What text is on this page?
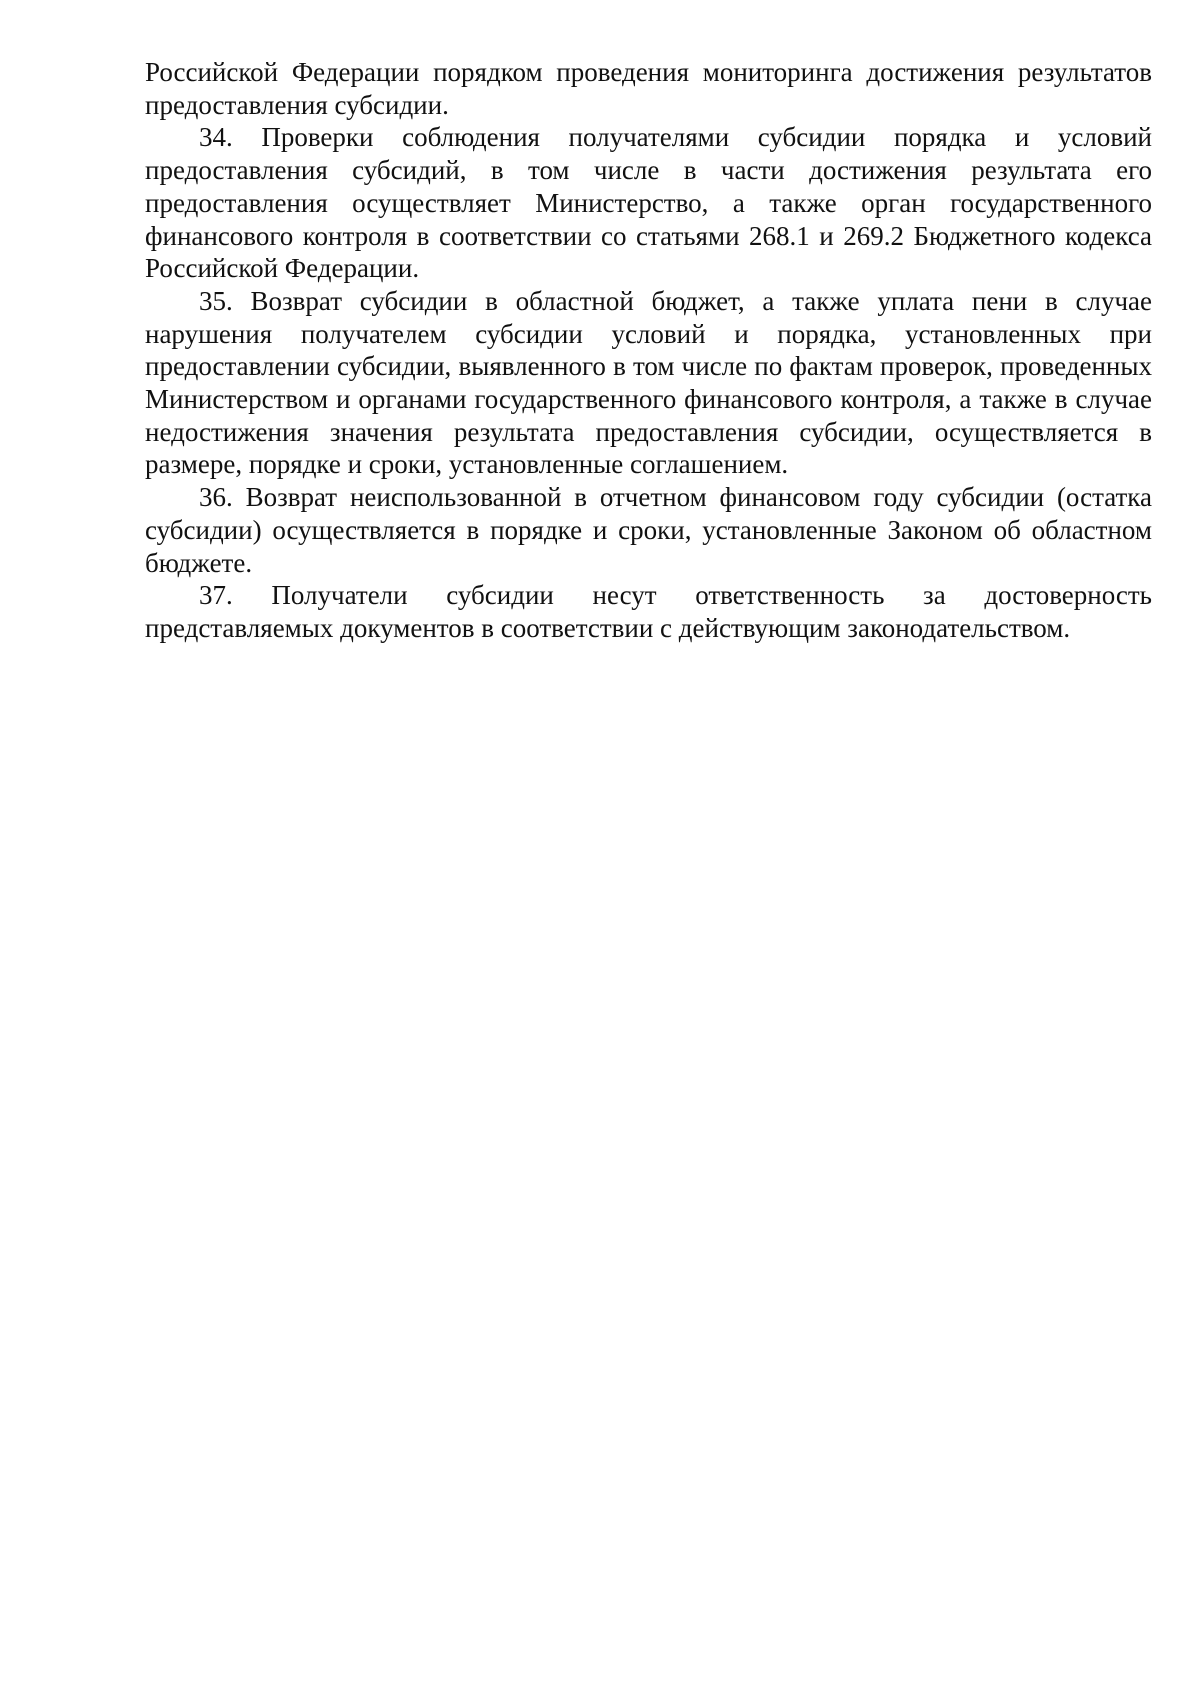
Российской Федерации порядком проведения мониторинга достижения результатов предоставления субсидии.

34. Проверки соблюдения получателями субсидии порядка и условий предоставления субсидий, в том числе в части достижения результата его предоставления осуществляет Министерство, а также орган государственного финансового контроля в соответствии со статьями 268.1 и 269.2 Бюджетного кодекса Российской Федерации.

35. Возврат субсидии в областной бюджет, а также уплата пени в случае нарушения получателем субсидии условий и порядка, установленных при предоставлении субсидии, выявленного в том числе по фактам проверок, проведенных Министерством и органами государственного финансового контроля, а также в случае недостижения значения результата предоставления субсидии, осуществляется в размере, порядке и сроки, установленные соглашением.

36. Возврат неиспользованной в отчетном финансовом году субсидии (остатка субсидии) осуществляется в порядке и сроки, установленные Законом об областном бюджете.

37. Получатели субсидии несут ответственность за достоверность представляемых документов в соответствии с действующим законодательством.
